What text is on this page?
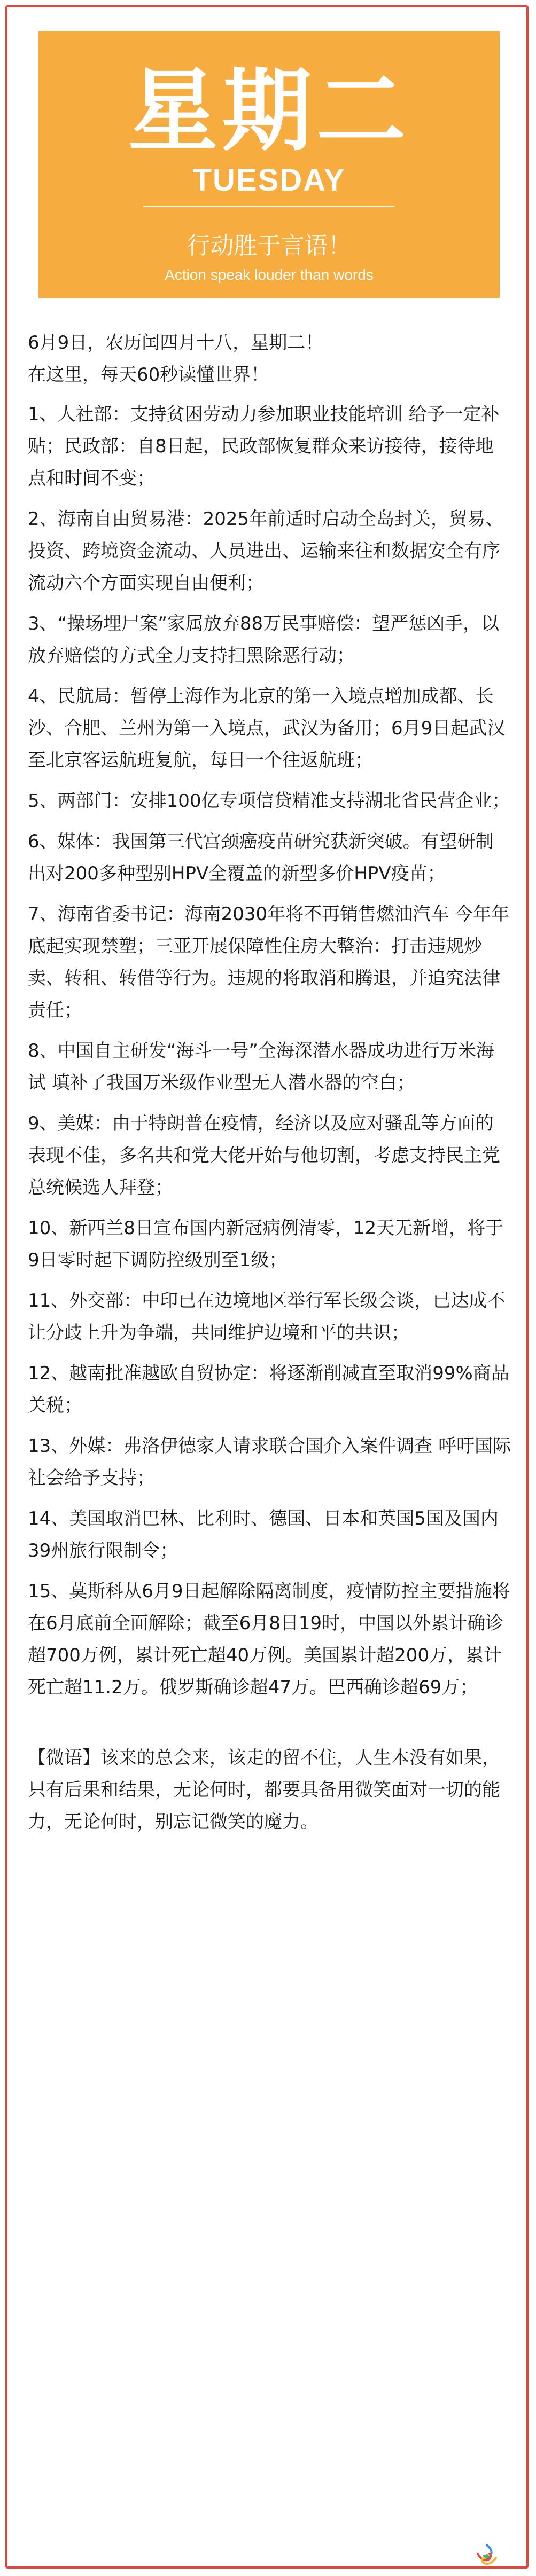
星期二
TUESDAY
行动胜于言语！
Action speak louder than words

6月9日，农历闰四月十八，星期二！

在这里，每天60秒读懂世界！

1、人社部：支持贫困劳动力参加职业技能培训 给予一定补贴；民政部：自8日起，民政部恢复群众来访接待，接待地点和时间不变；

2、海南自由贸易港：2025年前适时启动全岛封关，贸易、投资、跨境资金流动、人员进出、运输来往和数据安全有序流动六个方面实现自由便利；

3、“操场埋尸案”家属放弃88万民事赔偿：望严惩凶手，以放弃赔偿的方式全力支持扫黑除恶行动；

4、民航局：暂停上海作为北京的第一入境点增加成都、长沙、合肥、兰州为第一入境点，武汉为备用；6月9日起武汉至北京客运航班复航，每日一个往返航班；

5、两部门：安排100亿专项信贷精准支持湖北省民营企业；

6、媒体：我国第三代宫颈癌疫苗研究获新突破。有望研制出对200多种型别HPV全覆盖的新型多价HPV疫苗；

7、海南省委书记：海南2030年将不再销售燃油汽车 今年年底起实现禁塑；三亚开展保障性住房大整治：打击违规炒卖、转租、转借等行为。违规的将取消和腾退，并追究法律责任；

8、中国自主研发“海斗一号”全海深潜水器成功进行万米海试 填补了我国万米级作业型无人潜水器的空白；

9、美媒：由于特朗普在疫情，经济以及应对骚乱等方面的表现不佳，多名共和党大佬开始与他切割，考虑支持民主党总统候选人拜登；

10、新西兰8日宣布国内新冠病例清零，12天无新增，将于9日零时起下调防控级别至1级；

11、外交部：中印已在边境地区举行军长级会谈，已达成不让分歧上升为争端，共同维护边境和平的共识；

12、越南批准越欧自贸协定：将逐渐削减直至取消99%商品关税；

13、外媒：弗洛伊德家人请求联合国介入案件调查 呼吁国际社会给予支持；

14、美国取消巴林、比利时、德国、日本和英国5国及国内39州旅行限制令；

15、莫斯科从6月9日起解除隔离制度，疫情防控主要措施将在6月底前全面解除；截至6月8日19时，中国以外累计确诊超700万例，累计死亡超40万例。美国累计超200万，累计死亡超11.2万。俄罗斯确诊超47万。巴西确诊超69万；

【微语】该来的总会来，该走的留不住，人生本没有如果，只有后果和结果，无论何时，都要具备用微笑面对一切的能力，无论何时，别忘记微笑的魔力。
